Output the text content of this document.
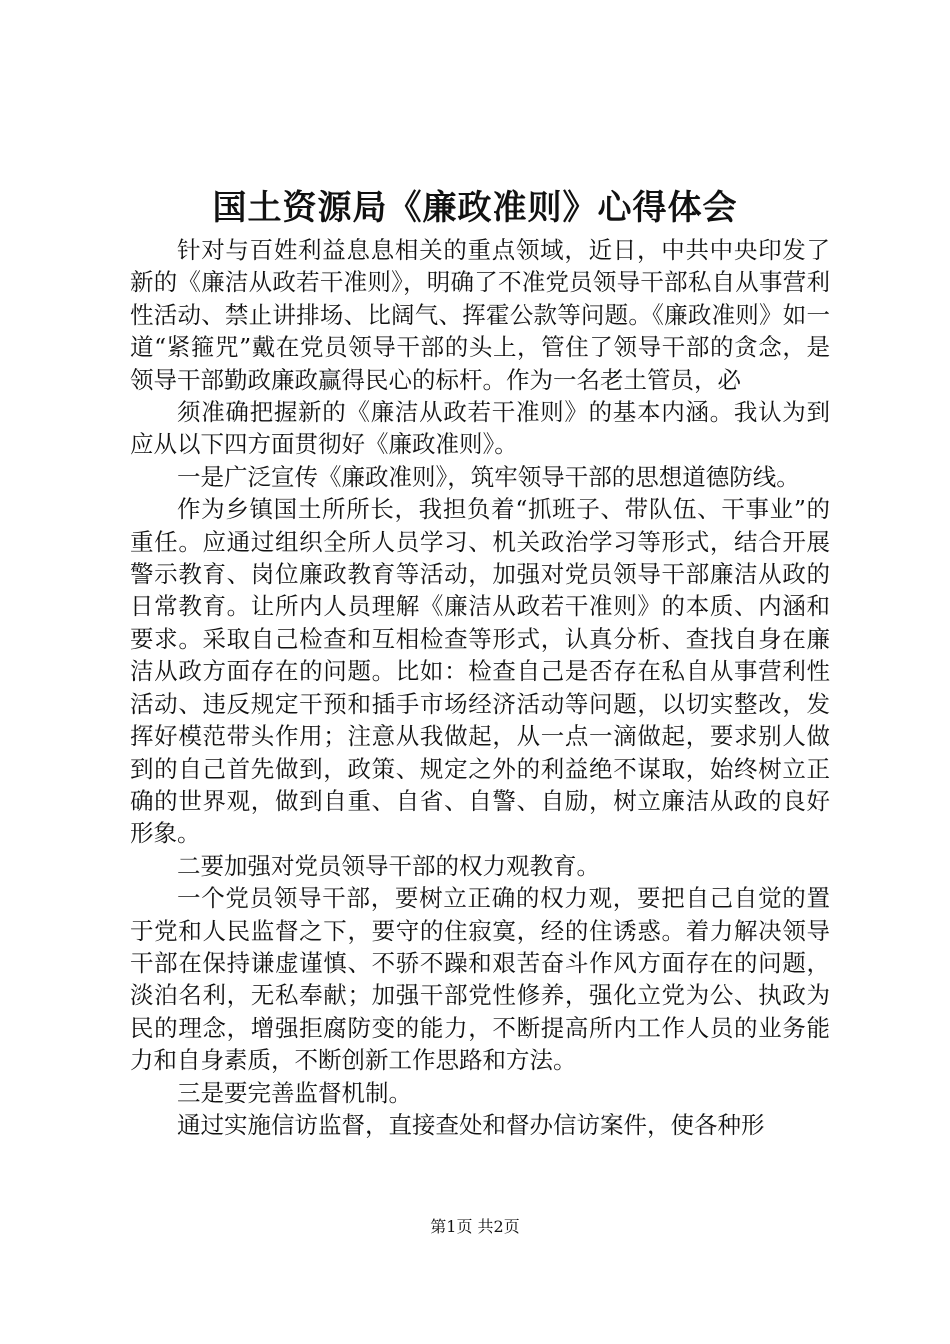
国土资源局《廉政准则》心得体会

针对与百姓利益息息相关的重点领域，近日，中共中央印发了新的《廉洁从政若干准则》，明确了不准党员领导干部私自从事营利性活动、禁止讲排场、比阔气、挥霍公款等问题。《廉政准则》如一道“紧箍咒”戴在党员领导干部的头上，管住了领导干部的贪念，是领导干部勤政廉政赢得民心的标杆。作为一名老土管员，必

须准确把握新的《廉洁从政若干准则》的基本内涵。我认为到应从以下四方面贯彻好《廉政准则》。

一是广泛宣传《廉政准则》，筑牢领导干部的思想道德防线。

作为乡镇国土所所长，我担负着“抓班子、带队伍、干事业”的重任。应通过组织全所人员学习、机关政治学习等形式，结合开展警示教育、岗位廉政教育等活动，加强对党员领导干部廉洁从政的日常教育。让所内人员理解《廉洁从政若干准则》的本质、内涵和要求。采取自己检查和互相检查等形式，认真分析、查找自身在廉洁从政方面存在的问题。比如：检查自己是否存在私自从事营利性活动、违反规定干预和插手市场经济活动等问题，以切实整改，发挥好模范带头作用；注意从我做起，从一点一滴做起，要求别人做到的自己首先做到，政策、规定之外的利益绝不谋取，始终树立正确的世界观，做到自重、自省、自警、自励，树立廉洁从政的良好形象。

二要加强对党员领导干部的权力观教育。

一个党员领导干部，要树立正确的权力观，要把自己自觉的置于党和人民监督之下，要守的住寂寞，经的住诱惑。着力解决领导干部在保持谦虚谨慎、不骄不躁和艰苦奋斗作风方面存在的问题，淡泊名利，无私奉献；加强干部党性修养，强化立党为公、执政为民的理念，增强拒腐防变的能力，不断提高所内工作人员的业务能力和自身素质，不断创新工作思路和方法。

三是要完善监督机制。

通过实施信访监督，直接查处和督办信访案件，使各种形

第1页 共2页
